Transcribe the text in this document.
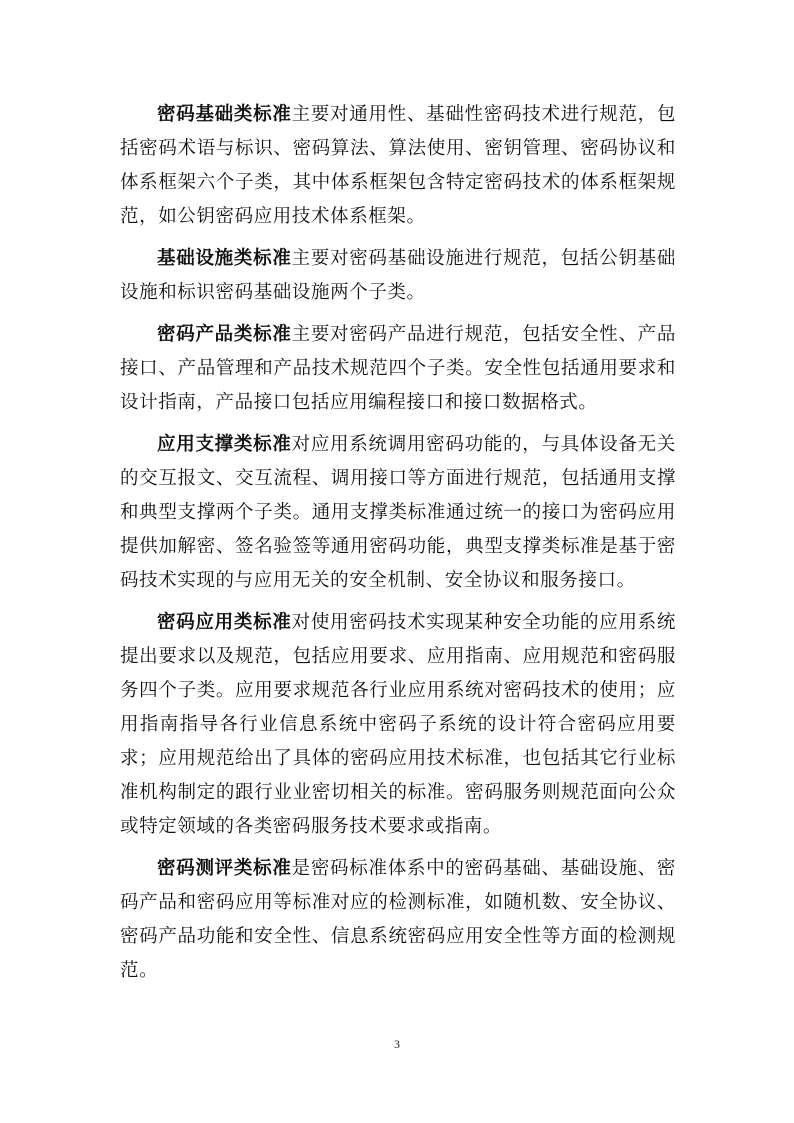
密码基础类标准主要对通用性、基础性密码技术进行规范，包括密码术语与标识、密码算法、算法使用、密钥管理、密码协议和体系框架六个子类，其中体系框架包含特定密码技术的体系框架规范，如公钥密码应用技术体系框架。

基础设施类标准主要对密码基础设施进行规范，包括公钥基础设施和标识密码基础设施两个子类。

密码产品类标准主要对密码产品进行规范，包括安全性、产品接口、产品管理和产品技术规范四个子类。安全性包括通用要求和设计指南，产品接口包括应用编程接口和接口数据格式。

应用支撑类标准对应用系统调用密码功能的，与具体设备无关的交互报文、交互流程、调用接口等方面进行规范，包括通用支撑和典型支撑两个子类。通用支撑类标准通过统一的接口为密码应用提供加解密、签名验签等通用密码功能，典型支撑类标准是基于密码技术实现的与应用无关的安全机制、安全协议和服务接口。

密码应用类标准对使用密码技术实现某种安全功能的应用系统提出要求以及规范，包括应用要求、应用指南、应用规范和密码服务四个子类。应用要求规范各行业应用系统对密码技术的使用；应用指南指导各行业信息系统中密码子系统的设计符合密码应用要求；应用规范给出了具体的密码应用技术标准，也包括其它行业标准机构制定的跟行业业密切相关的标准。密码服务则规范面向公众或特定领域的各类密码服务技术要求或指南。

密码测评类标准是密码标准体系中的密码基础、基础设施、密码产品和密码应用等标准对应的检测标准，如随机数、安全协议、密码产品功能和安全性、信息系统密码应用安全性等方面的检测规范。

3
